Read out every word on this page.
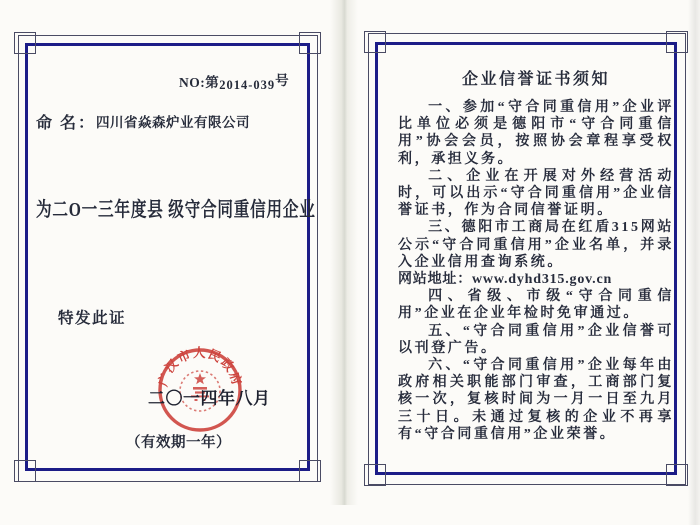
NO:第2014-039号
命 名：四川省焱森炉业有限公司
为二O一三年度县 级守合同重信用企业
特发此证
广汉市人民政府
二〇一四年八月
（有效期一年）
企业信誉证书须知

一、参加“守合同重信用”企业评比单位必须是德阳市“守合同重信用”协会会员，按照协会章程享受权利，承担义务。

二、企业在开展对外经营活动时，可以出示“守合同重信用”企业信誉证书，作为合同信誉证明。

三、德阳市工商局在红盾315网站公示“守合同重信用”企业名单，并录入企业信用查询系统。

网站地址：www.dyhd315.gov.cn

四、省级、市级“守合同重信用”企业在企业年检时免审通过。

五、“守合同重信用”企业信誉可以刊登广告。

六、“守合同重信用”企业每年由政府相关职能部门审查，工商部门复核一次，复核时间为一月一日至九月三十日。未通过复核的企业不再享有“守合同重信用”企业荣誉。
